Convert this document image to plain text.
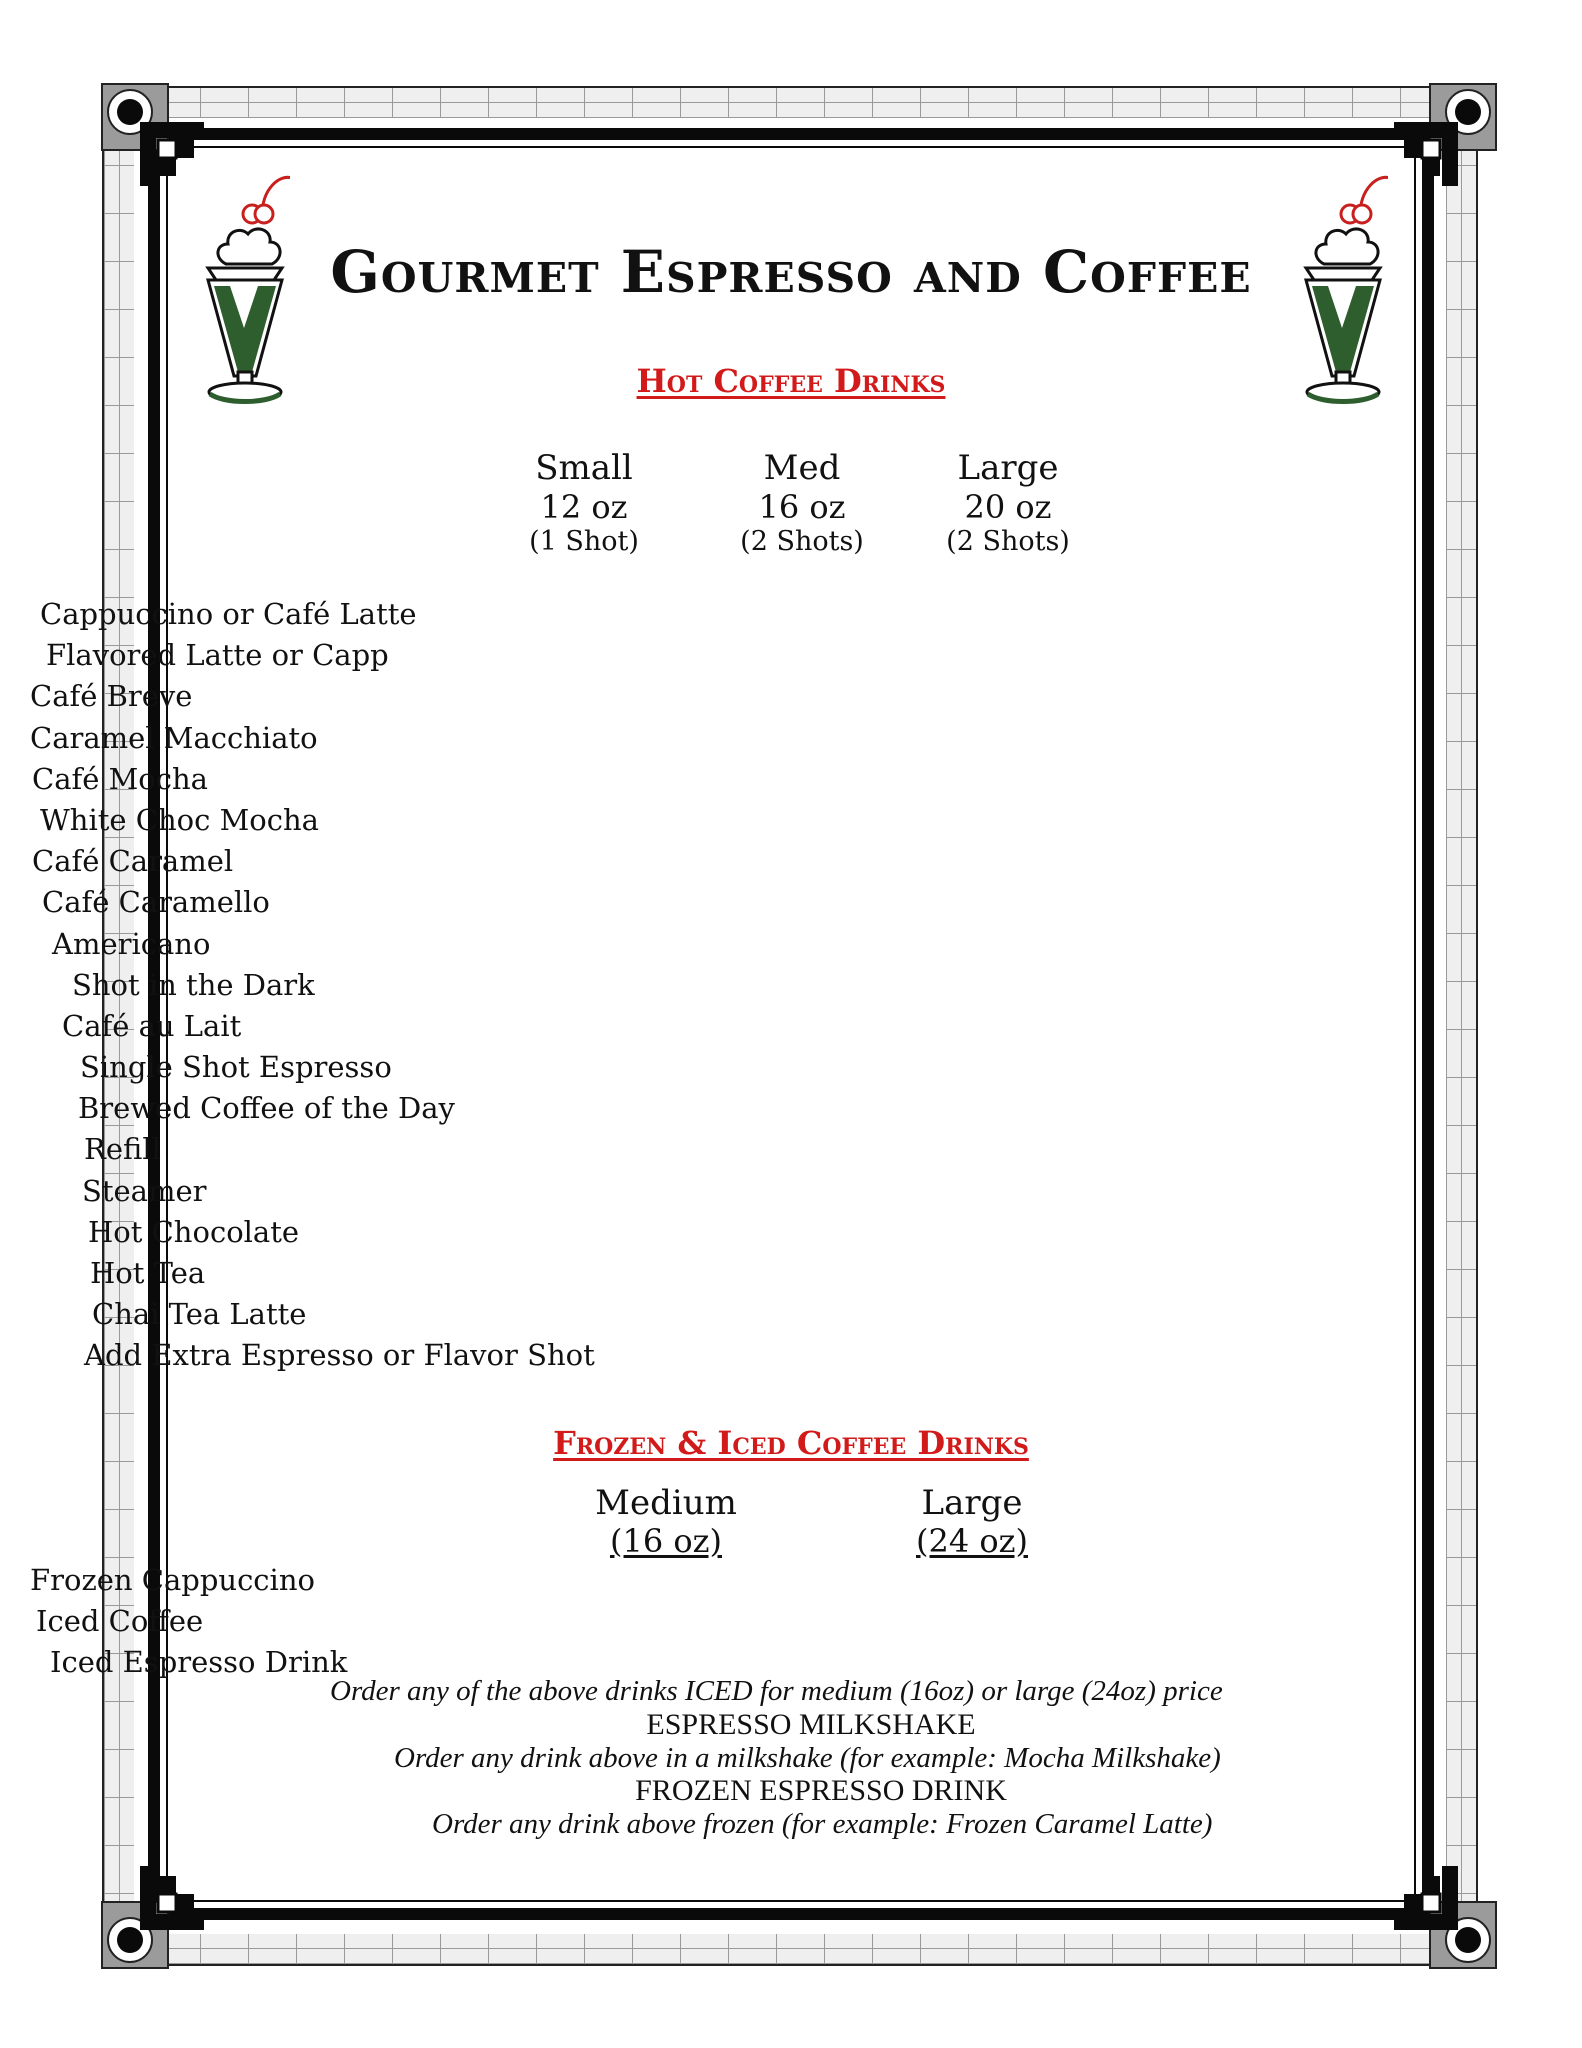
Gourmet Espresso and Coffee
Hot Coffee Drinks
Small
12 oz
(1 Shot)
Med
16 oz
(2 Shots)
Large
20 oz
(2 Shots)
Cappuccino or Café Latte
Flavored Latte or Capp
Café Breve
Caramel Macchiato
Café Mocha
White Choc Mocha
Café Caramel
Café Caramello
Americano
Shot in the Dark
Café au Lait
Single Shot Espresso
Brewed Coffee of the Day
Refill
Steamer
Hot Chocolate
Hot Tea
Chai Tea Latte
Add Extra Espresso or Flavor Shot
Frozen & Iced Coffee Drinks
Medium
(16 oz)
Large
(24 oz)
Frozen Cappuccino
Iced Coffee
Iced Espresso Drink
Order any of the above drinks ICED for medium (16oz) or large (24oz) price
ESPRESSO MILKSHAKE
Order any drink above in a milkshake (for example: Mocha Milkshake)
FROZEN ESPRESSO DRINK
Order any drink above frozen (for example: Frozen Caramel Latte)
